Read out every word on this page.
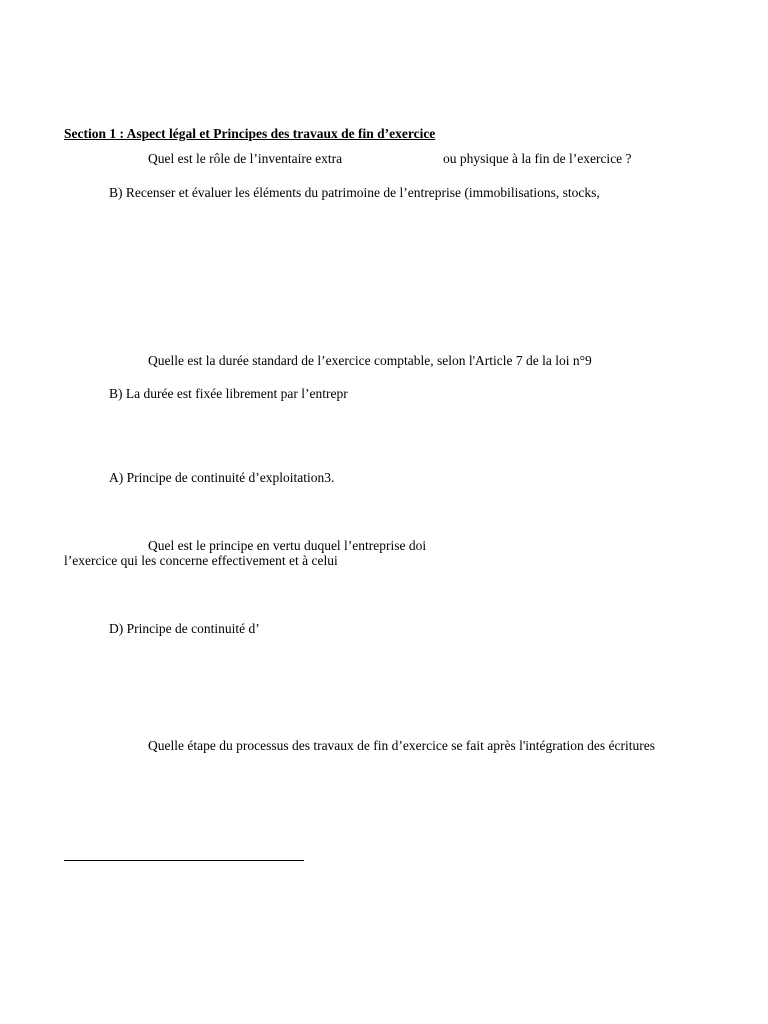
Section 1 : Aspect légal et Principes des travaux de fin d’exercice
Quel est le rôle de l’inventaire extra	ou physique à la fin de l’exercice ?
B) Recenser et évaluer les éléments du patrimoine de l’entreprise (immobilisations, stocks,
Quelle est la durée standard de l’exercice comptable, selon l'Article 7 de la loi n°9
B) La durée est fixée librement par l’entrepr
A) Principe de continuité d’exploitation3.
Quel est le principe en vertu duquel l’entreprise doi
l’exercice qui les concerne effectivement et à celui
D) Principe de continuité d’
Quelle étape du processus des travaux de fin d’exercice se fait après l'intégration des écritures
